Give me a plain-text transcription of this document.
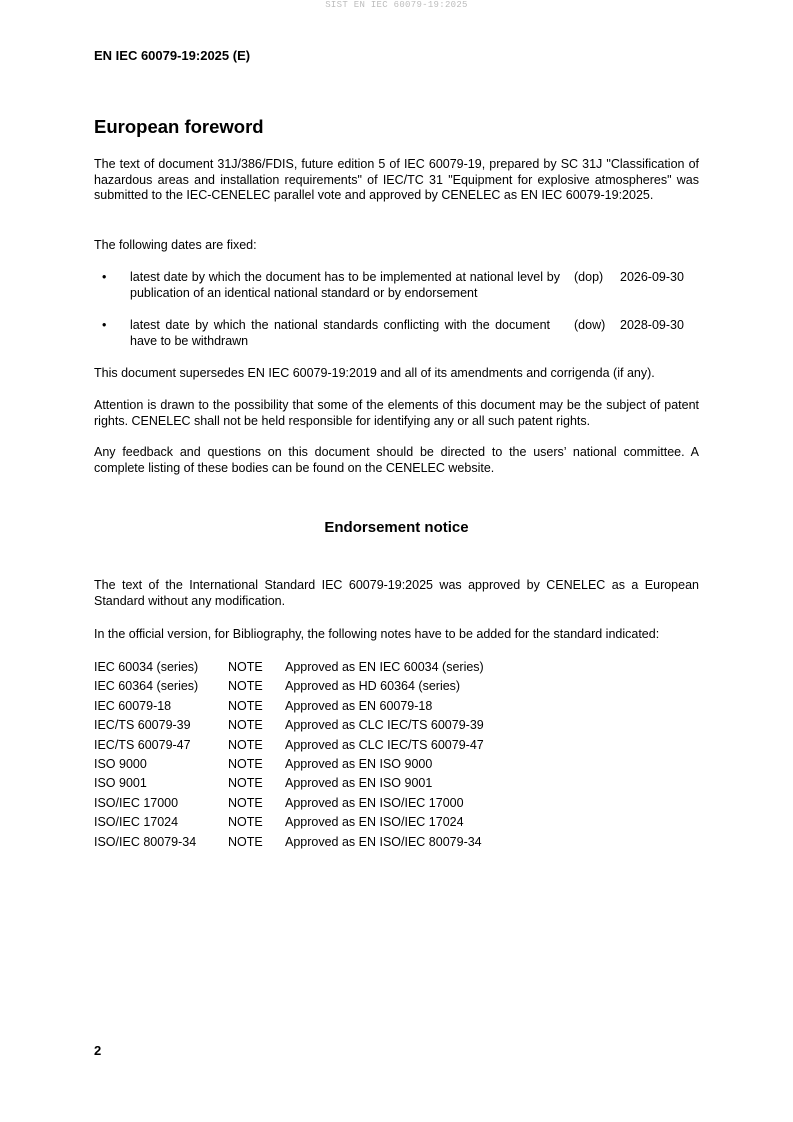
SIST EN IEC 60079-19:2025
EN IEC 60079-19:2025 (E)
European foreword

The text of document 31J/386/FDIS, future edition 5 of IEC 60079-19, prepared by SC 31J "Classification of hazardous areas and installation requirements" of IEC/TC 31 "Equipment for explosive atmospheres" was submitted to the IEC-CENELEC parallel vote and approved by CENELEC as EN IEC 60079-19:2025.

The following dates are fixed:

• latest date by which the document has to be implemented at national level by publication of an identical national standard or by endorsement
(dop) 2026-09-30
• latest date by which the national standards conflicting with the document have to be withdrawn
(dow) 2028-09-30

This document supersedes EN IEC 60079-19:2019 and all of its amendments and corrigenda (if any).

Attention is drawn to the possibility that some of the elements of this document may be the subject of patent rights. CENELEC shall not be held responsible for identifying any or all such patent rights.

Any feedback and questions on this document should be directed to the users’ national committee. A complete listing of these bodies can be found on the CENELEC website.

Endorsement notice

The text of the International Standard IEC 60079-19:2025 was approved by CENELEC as a European Standard without any modification.

In the official version, for Bibliography, the following notes have to be added for the standard indicated:

IEC 60034 (series) NOTE Approved as EN IEC 60034 (series)
IEC 60364 (series) NOTE Approved as HD 60364 (series)
IEC 60079-18	NOTE Approved as EN 60079-18
IEC/TS 60079-39	NOTE Approved as CLC IEC/TS 60079-39
IEC/TS 60079-47	NOTE Approved as CLC IEC/TS 60079-47
ISO 9000	NOTE Approved as EN ISO 9000
ISO 9001	NOTE Approved as EN ISO 9001
ISO/IEC 17000	NOTE Approved as EN ISO/IEC 17000
ISO/IEC 17024	NOTE Approved as EN ISO/IEC 17024
ISO/IEC 80079-34	NOTE Approved as EN ISO/IEC 80079-34
2
